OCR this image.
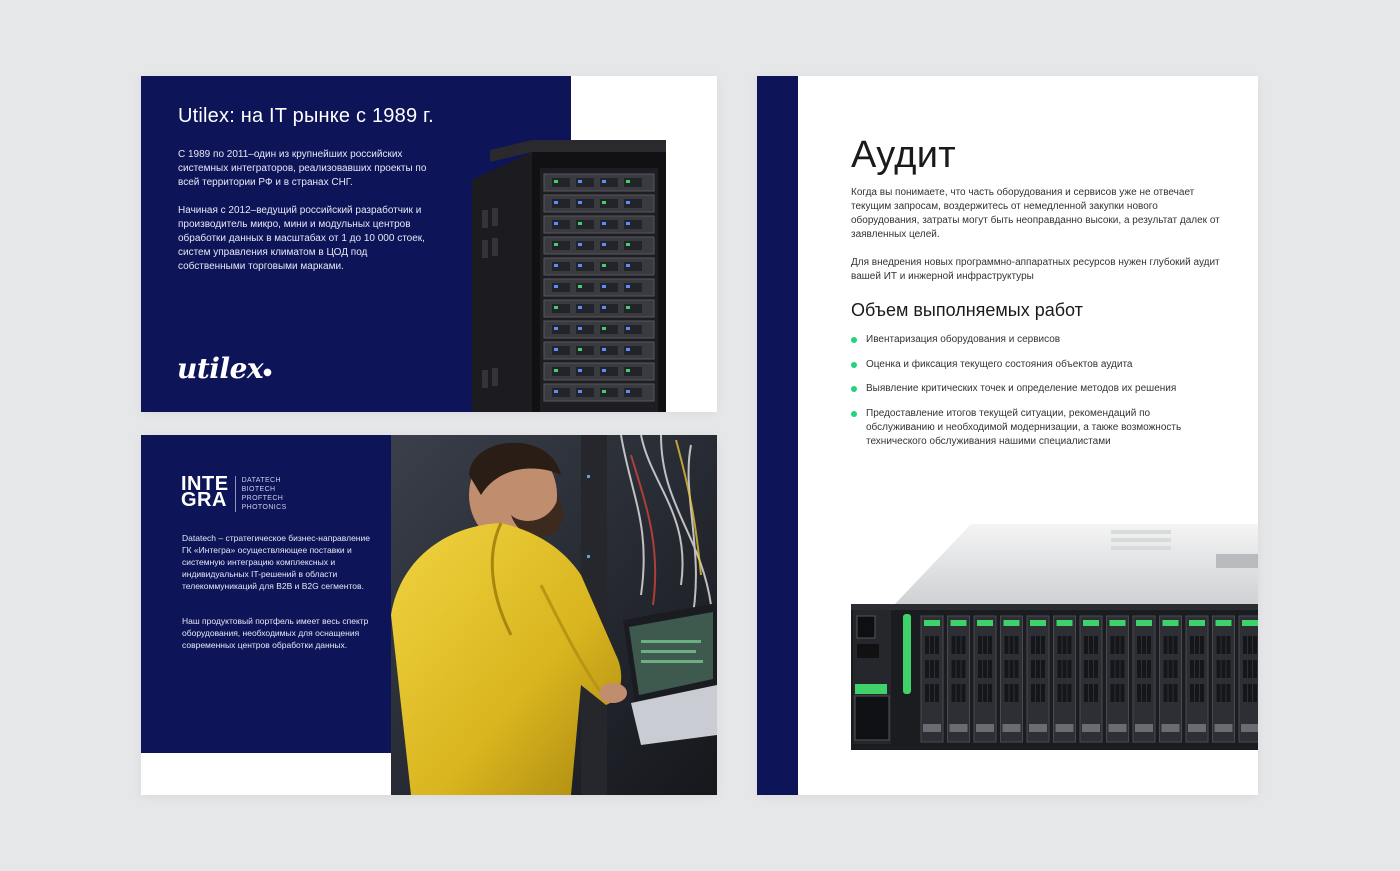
Utilex: на IT рынке с 1989 г.

С 1989 по 2011–один из крупнейших российских системных интеграторов, реализовавших проекты по всей территории РФ и в странах СНГ.

Начиная с 2012–ведущий российский разработчик и производитель микро, мини и модульных центров обработки данных в масштабах от 1 до 10 000 стоек, систем управления климатом в ЦОД под собственными торговыми марками.

utilex●
INTE
GRA
DATATECH
BIOTECH
PROFTECH
PHOTONICS

Datatech – стратегическое бизнес-направление ГК «Интегра» осуществляющее поставки и системную интеграцию комплексных и индивидуальных IT-решений в области телекоммуникаций для B2B и B2G сегментов.

Наш продуктовый портфель имеет весь спектр оборудования, необходимых для оснащения современных центров обработки данных.

Аудит

Когда вы понимаете, что часть оборудования и сервисов уже не отвечает текущим запросам, воздержитесь от немедленной закупки нового оборудования, затраты могут быть неоправданно высоки, а результат далек от заявленных целей.

Для внедрения новых программно-аппаратных ресурсов нужен глубокий аудит вашей ИТ и инжерной инфраструктуры

Объем выполняемых работ
Ивентаризация оборудования и сервисов
Оценка и фиксация текущего состояния объектов аудита
Выявление критических точек и определение методов их решения
Предоставление итогов текущей ситуации, рекомендаций по обслуживанию и необходимой модернизации, а также возможность технического обслуживания нашими специалистами
